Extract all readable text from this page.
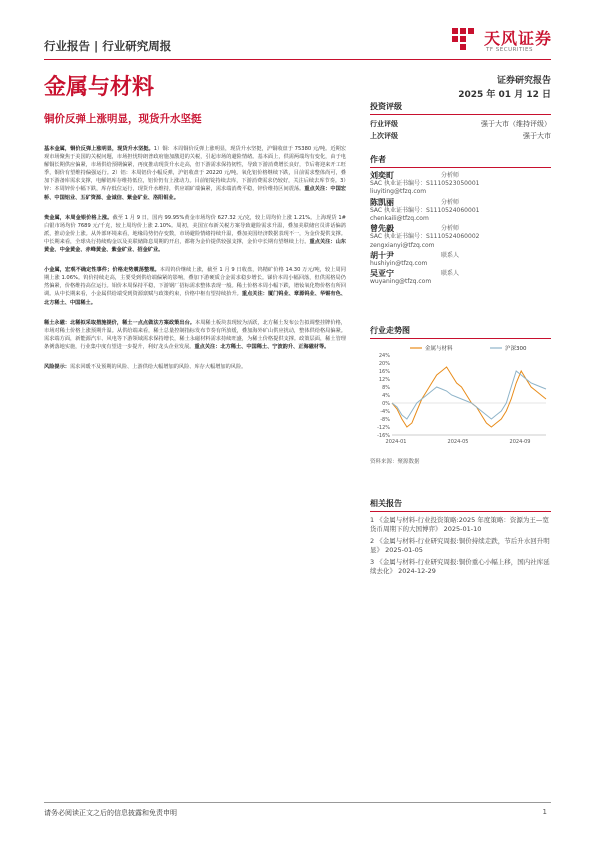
行业报告 | 行业研究周报	天风证券
TF SECURITIES
金属与材料
铜价反弹上涨明显，现货升水坚挺
证券研究报告
2025 年 01 月 12 日

基本金属，铜价反弹上涨明显，现货升水坚挺。1）铜：本周铜价反弹上涨明显，现货升水坚挺，沪铜收盘于 75380 元/吨。近期宏观市场聚焦于美国的关税问题，市场担忧特朗普政府施加激进的关税，引起市场的避险情绪。基本面上，供需两端均有变化，由于电解铜长期供应偏紧，市场供给预期偏紧，再度推动现货升水走高，但下游需求保持韧性，导致下游消费增长良好，节后将迎来开工旺季，铜价有望维持偏强运行。2）铝：本周铝价小幅反弹，沪铝收盘于 20220 元/吨。氧化铝价格继续下跌，目前需求整体尚可，叠加下游备库需求支撑，电解铝库存维持低位，铝价仍有上涨动力。目前铝锭持续去库，下游消费需求仍较好，关注后续去库节奏。3）锌：本周锌价小幅下跌，库存低位运行，现货升水维持，供应端矿端偏紧，需求端消费平稳，锌价维持区间震荡。重点关注：中国宏桥、中国铝业、五矿资源、金诚信、紫金矿业、洛阳钼业。

贵金属，本周金银价格上涨。截至 1 月 9 日，国内 99.95%黄金市场均价 627.32 元/克，较上周均价上涨 1.21%。上海现货 1#白银市场均价 7689 元/千克，较上周均价上涨 2.10%。周初，美国宣布新关税方案导致避险需求升温，叠加美联储官员讲话偏鸽派，推动金价上涨。从外部环境来看，地缘局势仍存变数，市场避险情绪持续升温，叠加美国经济数据表现不一，为金价提供支撑。中长期来看，全球央行持续购金以及美联储降息周期的开启，都将为金价提供较强支撑，金价中长期有望继续上行。重点关注：山东黄金、中金黄金、赤峰黄金、紫金矿业、招金矿业。

小金属，宏观不确定性事件；价格走势震荡整理。本周钨价继续上涨，截至 1 月 9 日收盘，钨精矿价格 14.30 万元/吨，较上周同期上涨 1.06%。钨价持续走高，主要受到供给端偏紧的影响，叠加下游硬质合金需求稳步增长。锑价本周小幅回落，但供需格局仍然偏紧，价格维持高位运行。钼价本周保持平稳，下游钢厂招标需求整体表现一般。稀土价格本周小幅下跌，镨钕氧化物价格有所回调。从中长期来看，小金属供给端受到资源禀赋与政策约束，价格中枢有望持续抬升。重点关注：厦门钨业、章源钨业、华锡有色、北方稀土、中国稀土。

稀土永磁：北稀拟采取措施提价，稀土一点点做法方案政策出台。本周稀土板块表现较为活跃，北方稀土发布公告拟调整挂牌价格，市场对稀土价格上涨预期升温。从供给端来看，稀土总量控制指标发布节奏有所放缓，叠加海外矿山供应扰动，整体供给格局偏紧。需求端方面，新能源汽车、风电等下游领域需求保持增长，稀土永磁材料需求持续旺盛，为稀土价格提供支撑。政策层面，稀土管理条例落地实施，行业集中度有望进一步提升，利好龙头企业发展。重点关注：北方稀土、中国稀土、宁波韵升、正海磁材等。

风险提示：需求回暖不及预期的风险、上游供给大幅增加的风险、库存大幅增加的风险。

投资评级
行业评级	强于大市（维持评级）
上次评级	强于大市
作者
刘奕町	分析师
SAC 执业证书编号：S1110523050001
liuyiting@tfzq.com
陈凯丽	分析师
SAC 执业证书编号：S1110524060001
chenkaili@tfzq.com
曾先毅	分析师
SAC 执业证书编号：S1110524060002
zengxianyi@tfzq.com
胡十尹	联系人
hushiyin@tfzq.com
吴亚宁	联系人
wuyaning@tfzq.com
行业走势图
24%
20%
16%
12%
8%
4%
0%
-4%
-8%
-12%
-16%
2024-01	2024-05	2024-09
金属与材料	沪深300
资料来源：聚源数据
相关报告
1 《金属与材料-行业投资策略:2025 年度策略：资源为王—宽货币周期下的大国博弈》 2025-01-10
2 《金属与材料-行业研究周报:铜价持续走跌，节后升水回升明显》 2025-01-05
3 《金属与材料-行业研究周报:铜价重心小幅上移，国内社库延续去化》 2024-12-29
请务必阅读正文之后的信息披露和免责申明	1
